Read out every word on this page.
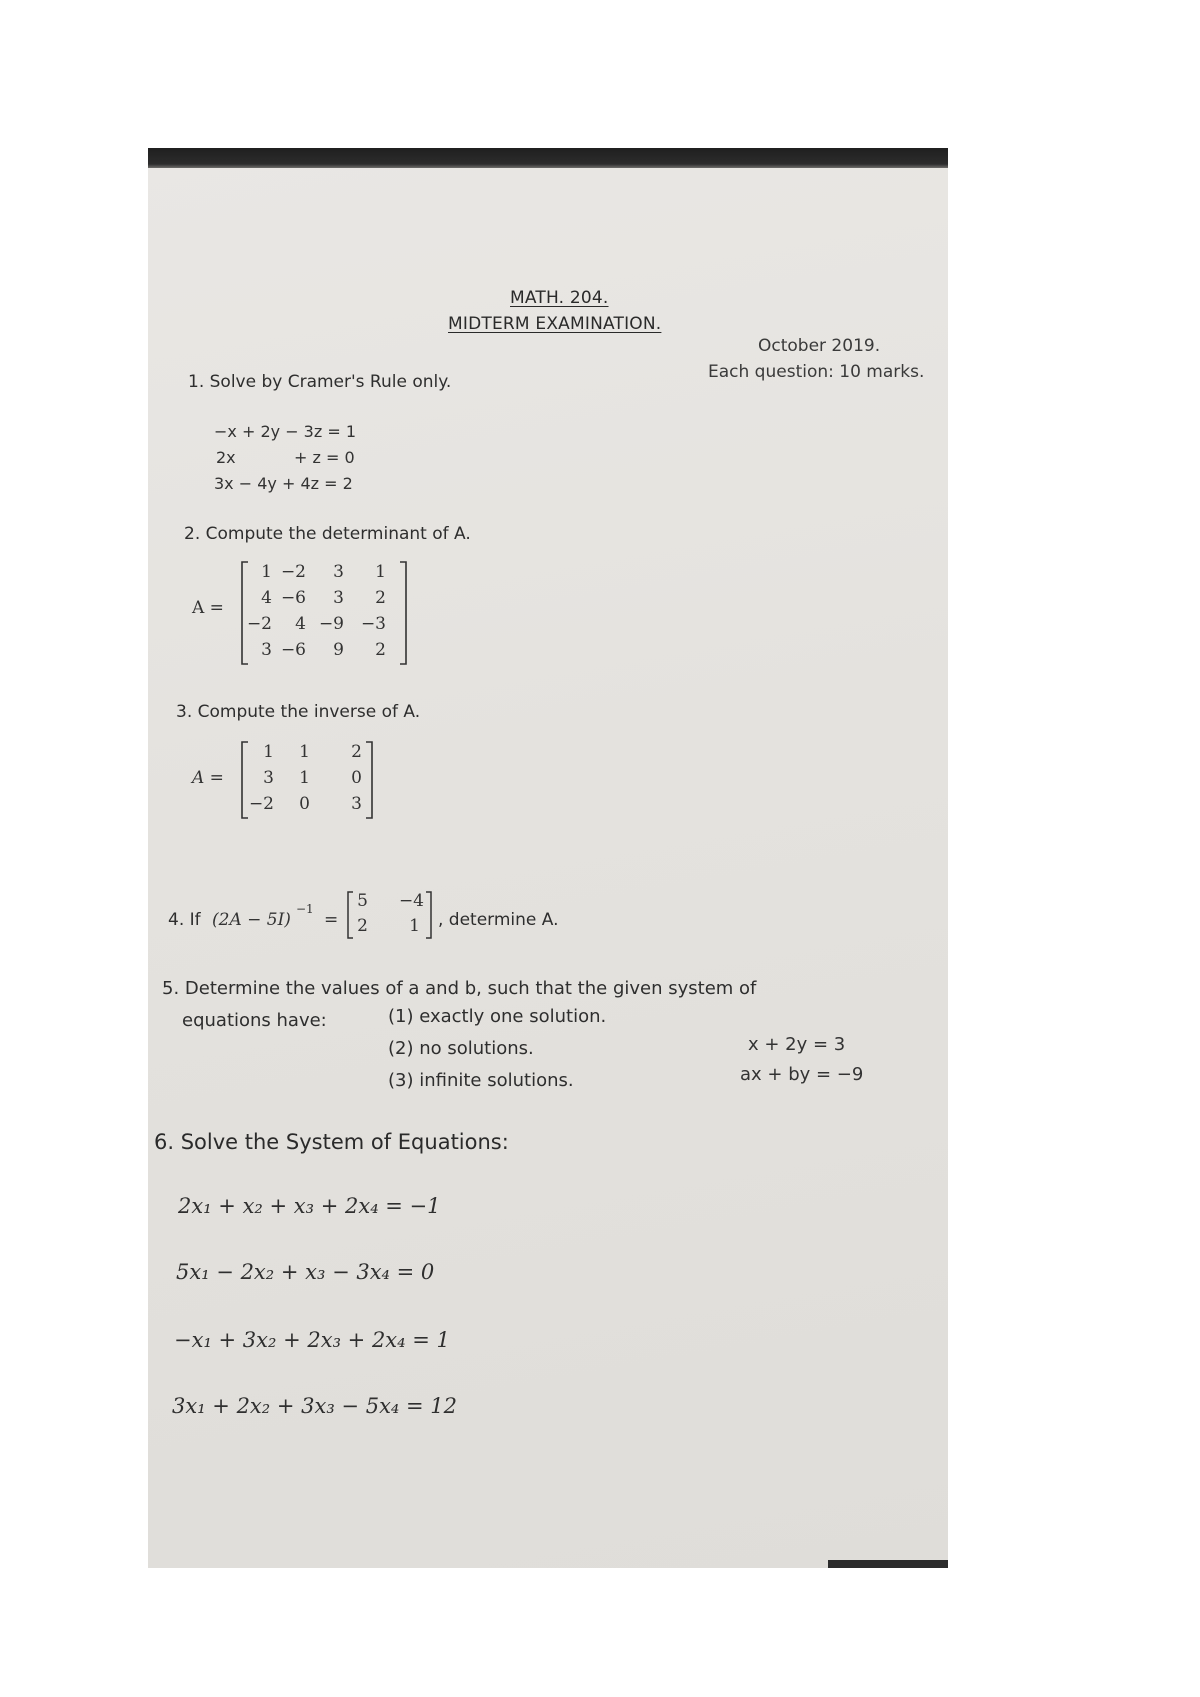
MATH. 204.
MIDTERM EXAMINATION.
October 2019.
Each question: 10 marks.
1. Solve by Cramer's Rule only.
−x + 2y − 3z = 1
2x	+ z = 0
3x − 4y + 4z = 2
2. Compute the determinant of A.
A =
1 −2	3	1
4 −6	3	2
−2	4 −9 −3
3 −6	9	2
3. Compute the inverse of A.
A =
1	1	2
3	1	0
−2	0	3
4. If (2A − 5I)
−1
=
5	−4
2	1 , determine A.
5. Determine the values of a and b, such that the given system of
equations have:	(1) exactly one solution.
(2) no solutions.
(3) infinite solutions.
x + 2y = 3
ax + by = −9
6. Solve the System of Equations:
2x₁ + x₂ + x₃ + 2x₄ = −1
5x₁ − 2x₂ + x₃ − 3x₄ = 0
−x₁ + 3x₂ + 2x₃ + 2x₄ = 1
3x₁ + 2x₂ + 3x₃ − 5x₄ = 12
